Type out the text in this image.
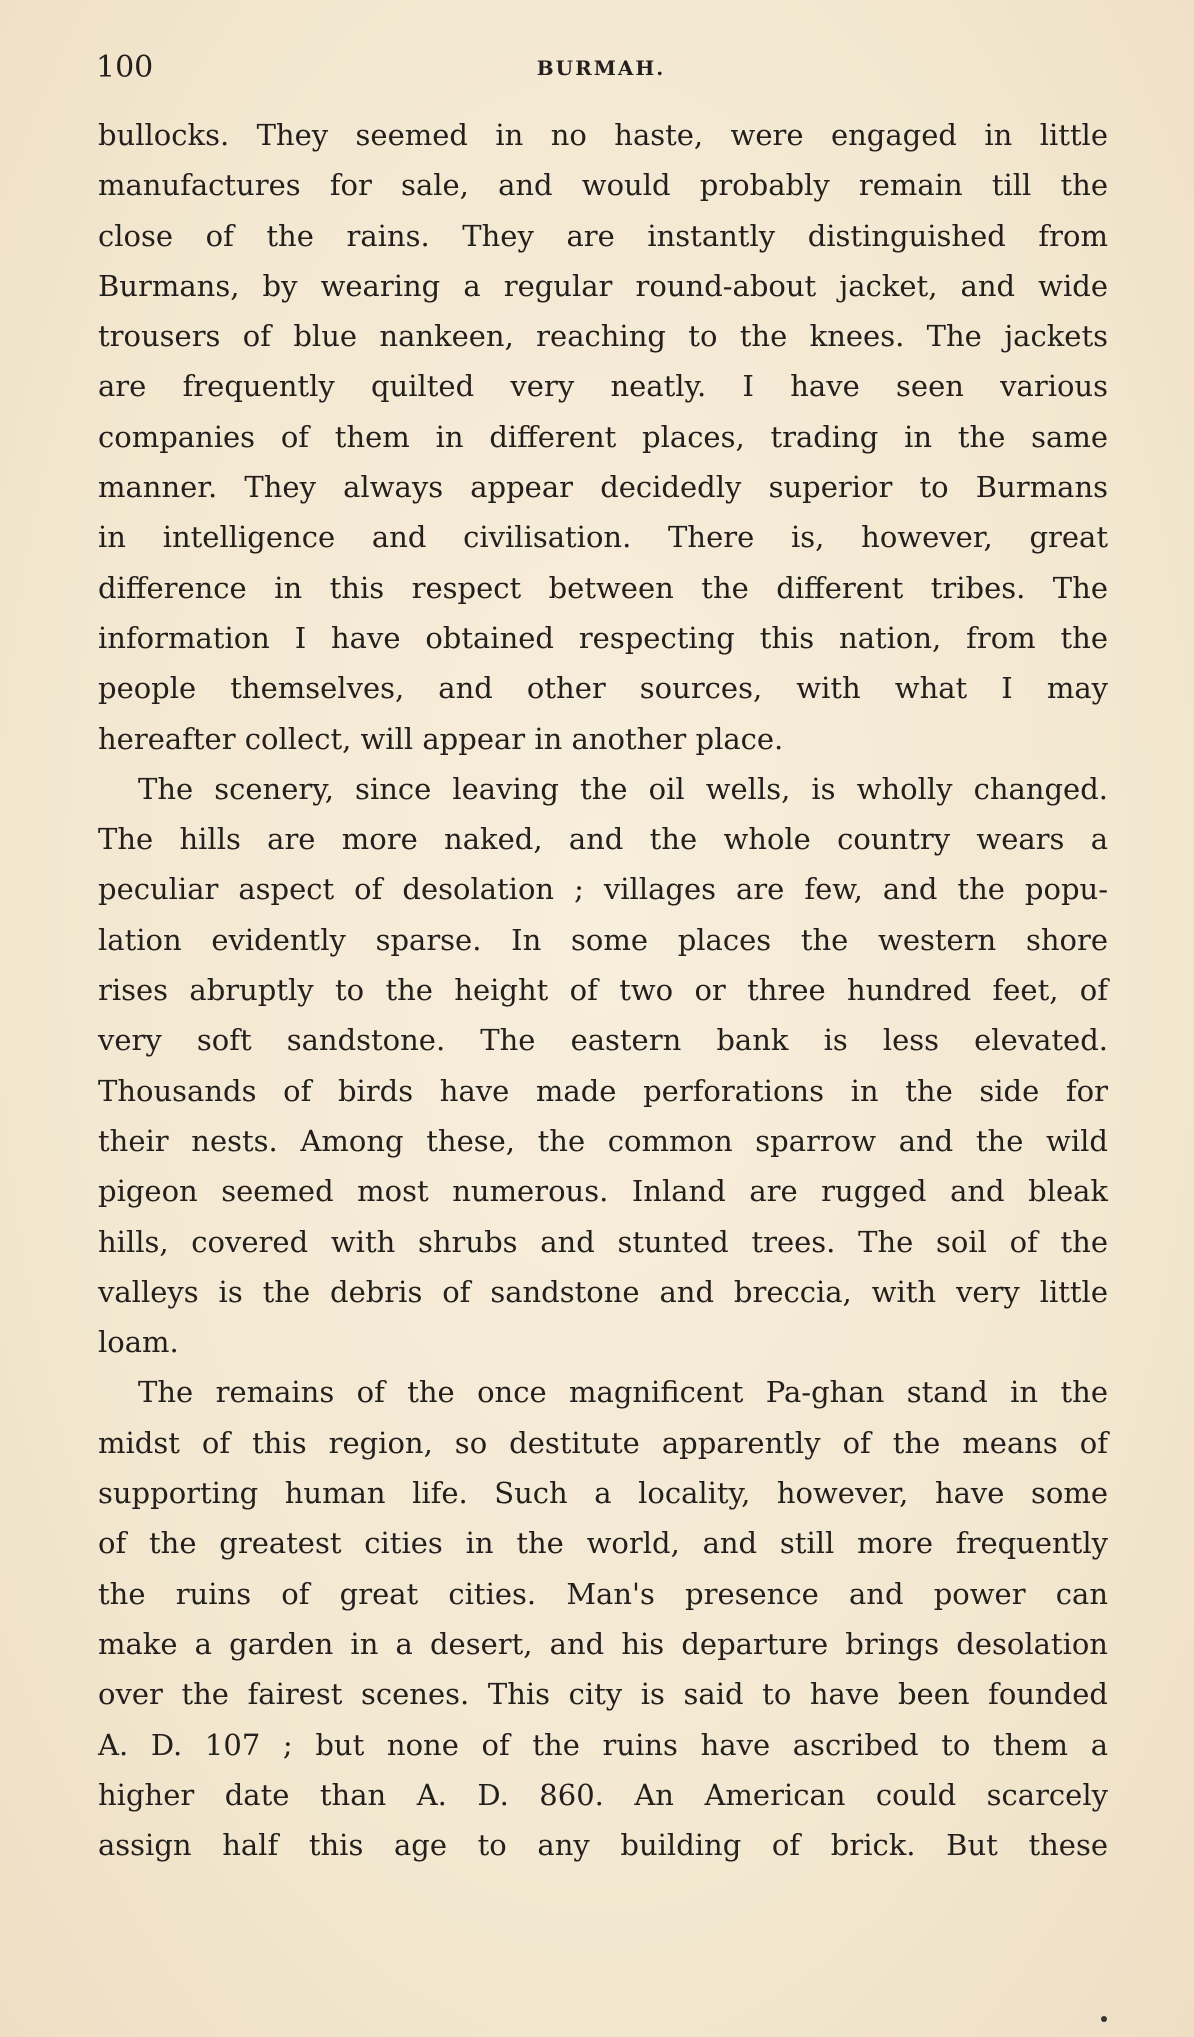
100	BURMAH.
bullocks. They seemed in no haste, were engaged in little
manufactures for sale, and would probably remain till the
close of the rains. They are instantly distinguished from
Burmans, by wearing a regular round-about jacket, and wide
trousers of blue nankeen, reaching to the knees. The jackets
are frequently quilted very neatly. I have seen various
companies of them in different places, trading in the same
manner. They always appear decidedly superior to Burmans
in intelligence and civilisation. There is, however, great
difference in this respect between the different tribes. The
information I have obtained respecting this nation, from the
people themselves, and other sources, with what I may
hereafter collect, will appear in another place.
The scenery, since leaving the oil wells, is wholly changed.
The hills are more naked, and the whole country wears a
peculiar aspect of desolation ; villages are few, and the popu-
lation evidently sparse. In some places the western shore
rises abruptly to the height of two or three hundred feet, of
very soft sandstone. The eastern bank is less elevated.
Thousands of birds have made perforations in the side for
their nests. Among these, the common sparrow and the wild
pigeon seemed most numerous. Inland are rugged and bleak
hills, covered with shrubs and stunted trees. The soil of the
valleys is the debris of sandstone and breccia, with very little
loam.
The remains of the once magnificent Pa-ghan stand in the
midst of this region, so destitute apparently of the means of
supporting human life. Such a locality, however, have some
of the greatest cities in the world, and still more frequently
the ruins of great cities. Man's presence and power can
make a garden in a desert, and his departure brings desolation
over the fairest scenes. This city is said to have been founded
A. D. 107 ; but none of the ruins have ascribed to them a
higher date than A. D. 860. An American could scarcely
assign half this age to any building of brick. But these
